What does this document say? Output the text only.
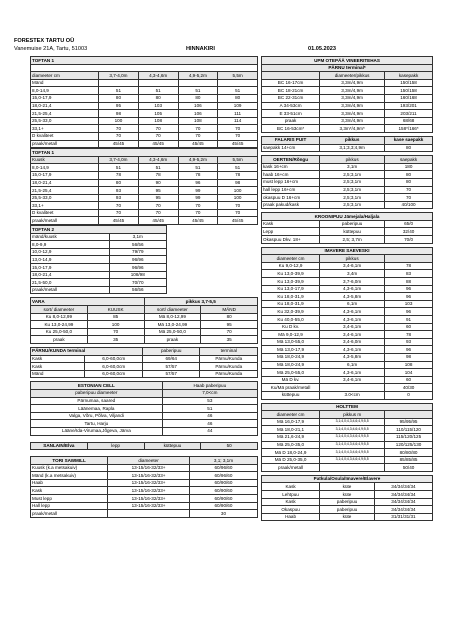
FORESTEX TARTU OÜ
Vanemuise 21A, Tartu, 51003	HINNAKIRI	01.05.2023
TOFTAN 1				

diameeter cm	3,7-4,0m	4,3-4,6m	4,9-5,2m	5,5m
Mänd				
8,0-14,9	51	51	51	51
15,0-17,9	80	80	80	80
18,0-21,4	95	103	106	109
21,5-25,4	98	105	106	111
25,5-33,0	100	108	108	114
33,1+	70	70	70	70
D kvaliteet	70	70	70	70
praak/metall	45/45	45/45	45/45	45/45
TOFTAN 1				
Kuusk	3,7-4,0m	4,3-4,6m	4,9-5,2m	5,5m
8,0-14,9	51	51	51	51
15,0-17,9	78	78	78	78
18,0-21,4	80	90	96	98
21,5-25,4	93	95	99	100
25,5-33,0	93	95	99	100
33,1+	70	70	70	70
D kvaliteet	70	70	70	70
praak/metall	45/45	45/45	45/45	45/45
TOFTAN 2	
mänd/kuusk	3,1m
8,0-9,9	56/56
10,0-12,9	79/79
13,0-14,9	96/96
15,0-17,9	96/96
18,0-21,4	108/98
21,5-50,0	70/70
praak/metall	56/56
VARA		pikkus 3,7-5,5	
sort/ diameeter	KUUSK	sort/ diameeter	MÄND
Ku 8,0-12,99	85	Mä 8,0-12,99	80
Ku 13,0-24,99	100	Mä 13,0-24,99	95
Ku 25,0-50,0	70	Mä 25,0-50,0	70
praak	35	praak	35
PÄRNU/KUNDA terminal		paberipuu	terminal
Kask	6,0-60,0cm	69/64	Pärnu/Kunda
Kask	6,0-60,0cm	57/57	Pärnu/Kunda
Mänd	6,0-60,0cm	57/57	Pärnu/Kunda
ESTONIAN CELL	Haab paberipuu
paberipuu diameeter	7,0<cm
Pärnumaa, saared	53
Läänemaa, Rapla	51
Valga, Võru, Põlva, Viljandi	46
Tartu, Harju	46
Lääne/Ida-Virumaa,Jõgeva, Järva	44
SANLAIN/Elva	lepp	küttepuu	50
TORI SAWMILL	diameeter	3,1; 3,1m
Kuusk (k.a metsakuiv)	13-15/16-32/33+	60/96/60
Mänd (k.a metsakuiv)	13-15/16-32/33+	60/96/60
Haab	13-15/16-32/33+	60/90/60
Kask	13-15/16-32/33+	60/90/60
Must lepp	13-15/16-32/33+	60/90/60
Hall lepp	13-15/16-32/33+	60/90/60
praak/metall		30
UPM OTEPÄÄ VINEERITEHAS		
PÄRNU terminal*		
	diameeter/pikkus	kasepakk
BC 16-17cm	3,3m/4,9m	150/158
BC 18-21cm	3,3m/4,9m	150/158
BC 22-31cm	3,3m/4,9m	160/168
A 34-53cm	3,3m/4,9m	193/201
E 33-51cm	3,3m/4,9m	203/211
praak	3,3m/4,9m	68/68
BC 16-53cm*	3,3m*/4,9m*	158*/166*
FALARIS PUIT	pikkus	kase saepakk
saepakk 14+cm	3,1;3,3;4,9m	80
OERTEN/Rõngu	pikkus	saepakk
kask 16+cm	3,1m	180
haab 16+cm	2,5;3,1m	80
must lepp 16+cm	2,5;3,1m	80
hall lepp 16+cm	2,5;3,1m	70
okaspuu D 16+cm	2,5;3,1m	70
praak pakud/kask	2,5;3,1m	40/100
KROONIPUU Jämejala/Haljala		
Kask	paberipuu	65/0
Lepp	küttepuu	32/40
Okaspuu Dkv. 18+	2,5; 3,7m	70/0
IMAVERE SAEVESKI		
diameeter cm	pikkus	
Ku 9,0-12,9	3,4-6,1m	78
Ku 13,0-39,9	3,4m	83
Ku 13,0-39,9	3,7-6,0m	88
Ku 13,0-17,9	4,3-6,1m	96
Ku 18,0-31,9	4,3-5,8m	96
Ku 18,0-31,9	6,1m	103
Ku 32,0-39,9	4,3-6,1m	96
Ku 40,0-55,0	4,3-6,1m	91
Ku D kv.	3,4-6,1m	60
Mä 9,0-12,9	3,4-6,1m	78
Mä 13,0-55,0	3,4-6,0m	93
Mä 13,0-17,9	4,3-6,1m	96
Mä 18,0-24,9	4,3-5,8m	98
Mä 18,0-24,9	6,1m	108
Mä 25,0-55,0	4,3-6,1m	104
Mä D kv.	3,4-6,1m	60
Ku/Mä praak/metall		40/30
küttepuu	3.0<cm	0
HOLTTEM		
diameeter cm	pikkus m	
Mä 16,0-17,9	3,1;4,0;4,3;4,6;4,9;5,5	95/95/95
Mä 18,0-21,1	3,1;4,0;4,3;4,6;4,9;5,5	110/115/120
Mä 21,6-24,9	3,1;4,0;4,3;4,6;4,9;5,5	115/120/125
Mä 25,0-35,0	3,1;4,0;4,3;4,6;4,9;5,5	120/125/130
Mä D 18,0-24,9	3,1;4,0;4,3;4,6;4,9;5,5	80/80/80
Mä D 25,0-35,0	3,1;4,0;4,3;4,6;4,9;5,5	85/85/85
praak/metall		50/40
Patkula/Osula/Imavere/Elavere		
Kask	küte	34/34/34/34
Lehtpuu	küte	34/34/34/34
Kask	paberipuu	34/34/34/34
Okaspuu	paberipuu	34/34/34/34
Haab	küte	31/31/31/31
